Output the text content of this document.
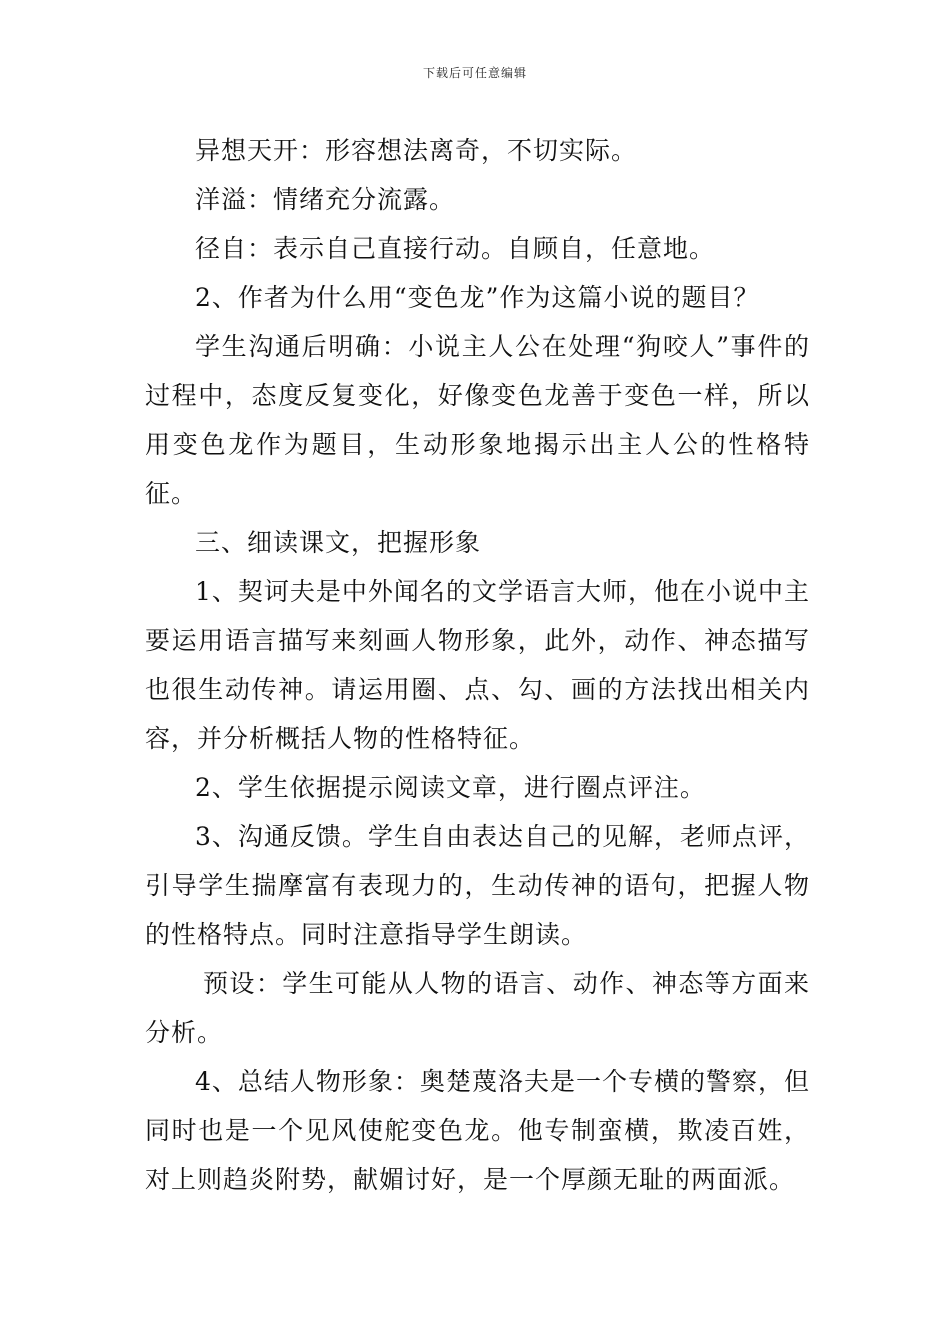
下载后可任意编辑

异想天开：形容想法离奇，不切实际。

洋溢：情绪充分流露。

径自：表示自己直接行动。自顾自，任意地。

2、作者为什么用“变色龙”作为这篇小说的题目？

学生沟通后明确：小说主人公在处理“狗咬人”事件的过程中，态度反复变化，好像变色龙善于变色一样，所以用变色龙作为题目，生动形象地揭示出主人公的性格特征。

三、细读课文，把握形象

1、契诃夫是中外闻名的文学语言大师，他在小说中主要运用语言描写来刻画人物形象，此外，动作、神态描写也很生动传神。请运用圈、点、勾、画的方法找出相关内容，并分析概括人物的性格特征。

2、学生依据提示阅读文章，进行圈点评注。

3、沟通反馈。学生自由表达自己的见解，老师点评，引导学生揣摩富有表现力的，生动传神的语句，把握人物的性格特点。同时注意指导学生朗读。

预设：学生可能从人物的语言、动作、神态等方面来分析。

4、总结人物形象：奥楚蔑洛夫是一个专横的警察，但同时也是一个见风使舵变色龙。他专制蛮横，欺凌百姓，对上则趋炎附势，献媚讨好，是一个厚颜无耻的两面派。
